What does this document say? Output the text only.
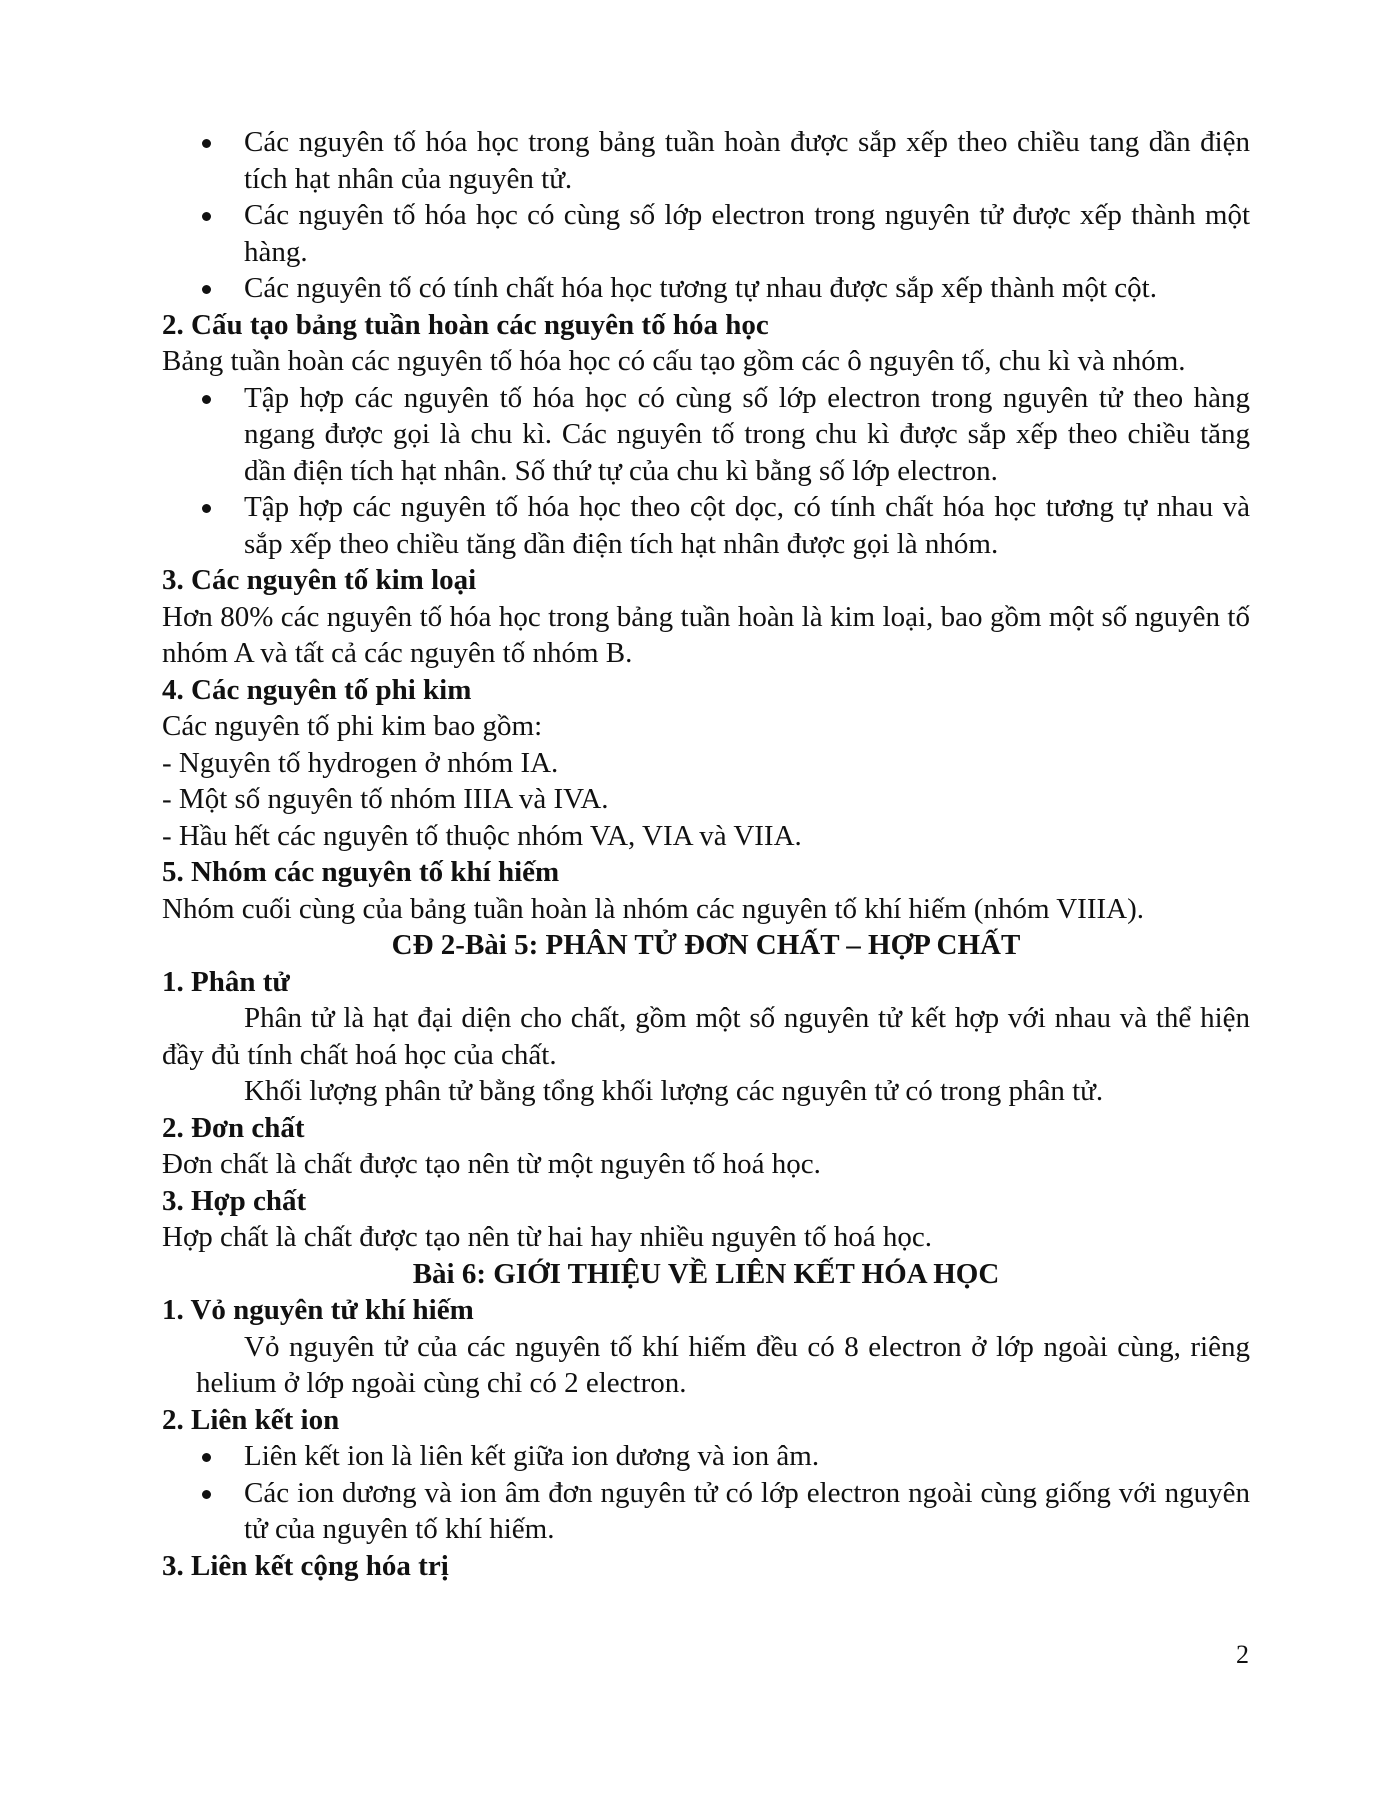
Các nguyên tố hóa học trong bảng tuần hoàn được sắp xếp theo chiều tang dần điện tích hạt nhân của nguyên tử.
Các nguyên tố hóa học có cùng số lớp electron trong nguyên tử được xếp thành một hàng.
Các nguyên tố có tính chất hóa học tương tự nhau được sắp xếp thành một cột.
2. Cấu tạo bảng tuần hoàn các nguyên tố hóa học

Bảng tuần hoàn các nguyên tố hóa học có cấu tạo gồm các ô nguyên tố, chu kì và nhóm.

Tập hợp các nguyên tố hóa học có cùng số lớp electron trong nguyên tử theo hàng ngang được gọi là chu kì. Các nguyên tố trong chu kì được sắp xếp theo chiều tăng dần điện tích hạt nhân. Số thứ tự của chu kì bằng số lớp electron.
Tập hợp các nguyên tố hóa học theo cột dọc, có tính chất hóa học tương tự nhau và sắp xếp theo chiều tăng dần điện tích hạt nhân được gọi là nhóm.
3. Các nguyên tố kim loại

Hơn 80% các nguyên tố hóa học trong bảng tuần hoàn là kim loại, bao gồm một số nguyên tố nhóm A và tất cả các nguyên tố nhóm B.

4. Các nguyên tố phi kim

Các nguyên tố phi kim bao gồm:

- Nguyên tố hydrogen ở nhóm IA.

- Một số nguyên tố nhóm IIIA và IVA.

- Hầu hết các nguyên tố thuộc nhóm VA, VIA và VIIA.

5. Nhóm các nguyên tố khí hiếm

Nhóm cuối cùng của bảng tuần hoàn là nhóm các nguyên tố khí hiếm (nhóm VIIIA).

CĐ 2-Bài 5: PHÂN TỬ ĐƠN CHẤT – HỢP CHẤT
1. Phân tử

Phân tử là hạt đại diện cho chất, gồm một số nguyên tử kết hợp với nhau và thể hiện đầy đủ tính chất hoá học của chất.

Khối lượng phân tử bằng tổng khối lượng các nguyên tử có trong phân tử.

2. Đơn chất

Đơn chất là chất được tạo nên từ một nguyên tố hoá học.

3. Hợp chất

Hợp chất là chất được tạo nên từ hai hay nhiều nguyên tố hoá học.

Bài 6: GIỚI THIỆU VỀ LIÊN KẾT HÓA HỌC
1. Vỏ nguyên tử khí hiếm

Vỏ nguyên tử của các nguyên tố khí hiếm đều có 8 electron ở lớp ngoài cùng, riêng helium ở lớp ngoài cùng chỉ có 2 electron.

2. Liên kết ion
Liên kết ion là liên kết giữa ion dương và ion âm.
Các ion dương và ion âm đơn nguyên tử có lớp electron ngoài cùng giống với nguyên tử của nguyên tố khí hiếm.
3. Liên kết cộng hóa trị
2
